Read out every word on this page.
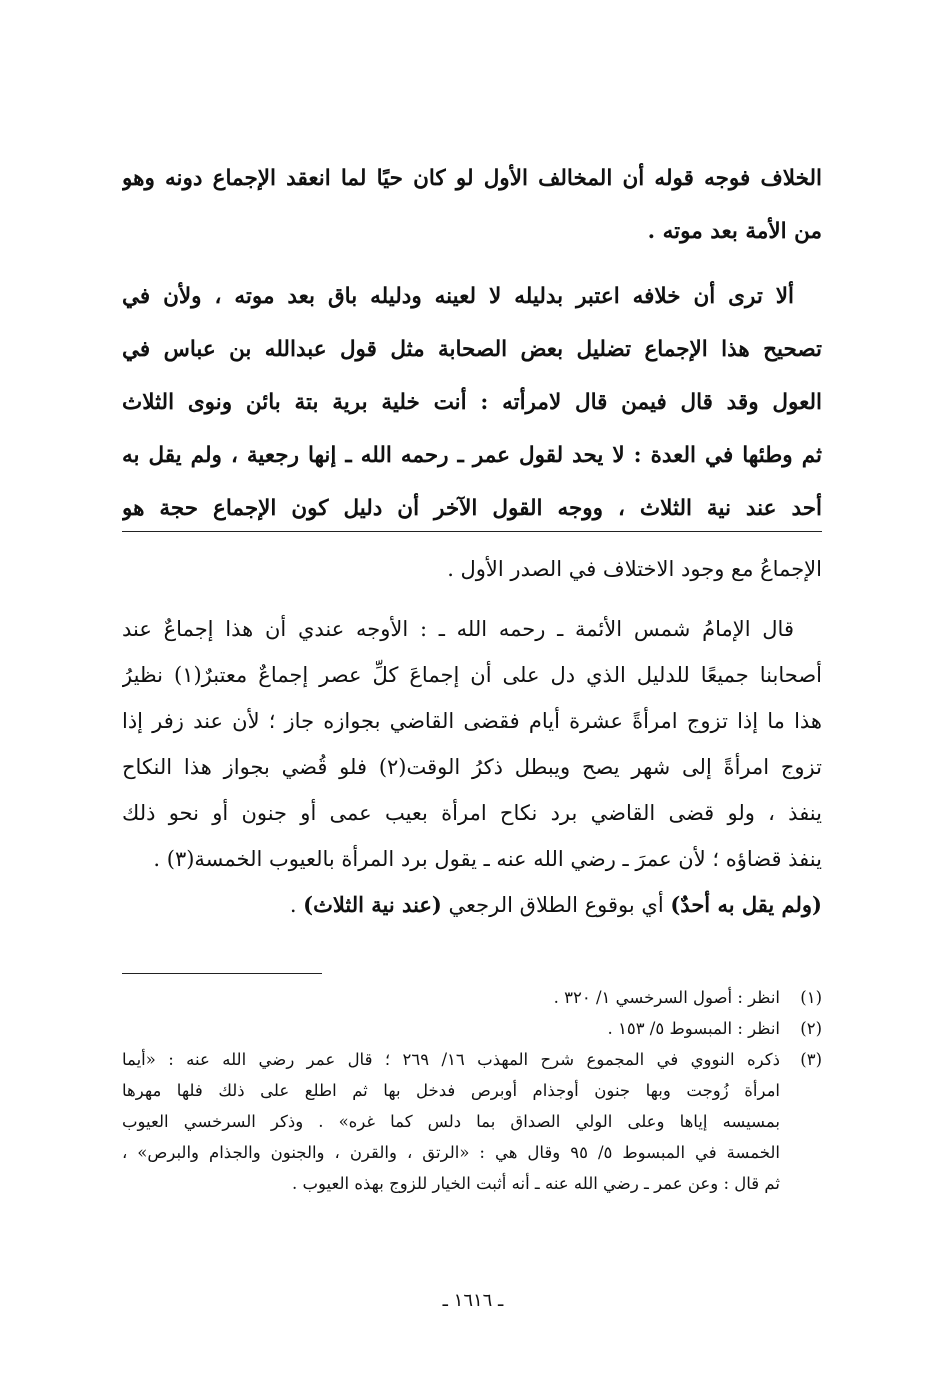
الخلاف فوجه قوله أن المخالف الأول لو كان حيًا لما انعقد الإجماع دونه وهو
من الأمة بعد موته .
ألا ترى أن خلافه اعتبر بدليله لا لعينه ودليله باق بعد موته ، ولأن في
تصحيح هذا الإجماع تضليل بعض الصحابة مثل قول عبدالله بن عباس في
العول وقد قال فيمن قال لامرأته : أنت خلية برية بتة بائن ونوى الثلاث
ثم وطئها في العدة : لا يحد لقول عمر ـ رحمه الله ـ إنها رجعية ، ولم يقل به
أحد عند نية الثلاث ، ووجه القول الآخر أن دليل كون الإجماع حجة هو
الإجماعُ مع وجود الاختلاف في الصدر الأول .
قال الإمامُ شمس الأئمة ـ رحمه الله ـ : الأوجه عندي أن هذا إجماعٌ عند
أصحابنا جميعًا للدليل الذي دل على أن إجماعَ كلِّ عصر إجماعٌ معتبرٌ(١) نظيرُ
هذا ما إذا تزوج امرأةً عشرة أيام فقضى القاضي بجوازه جاز ؛ لأن عند زفر إذا
تزوج امرأةً إلى شهر يصح ويبطل ذكرُ الوقت(٢) فلو قُضي بجواز هذا النكاح
ينفذ ، ولو قضى القاضي برد نكاح امرأة بعيب عمى أو جنون أو نحو ذلك
ينفذ قضاؤه ؛ لأن عمرَ ـ رضي الله عنه ـ يقول برد المرأة بالعيوب الخمسة(٣) .
(ولم يقل به أحدٌ) أي بوقوع الطلاق الرجعي (عند نية الثلاث) .
(١)
انظر : أصول السرخسي ١/ ٣٢٠ .
(٢)
انظر : المبسوط ٥/ ١٥٣ .
(٣)
ذكره النووي في المجموع شرح المهذب ١٦/ ٢٦٩ ؛ قال عمر رضي الله عنه : «أيما
امرأة زُوجت وبها جنون أوجذام أوبرص فدخل بها ثم اطلع على ذلك فلها مهرها
بمسيسه إياها وعلى الولي الصداق بما دلس كما غره» . وذكر السرخسي العيوب
الخمسة في المبسوط ٥/ ٩٥ وقال هي : «الرتق ، والقرن ، والجنون والجذام والبرص» ،
ثم قال : وعن عمر ـ رضي الله عنه ـ أنه أثبت الخيار للزوج بهذه العيوب .
ـ ١٦١٦ ـ
